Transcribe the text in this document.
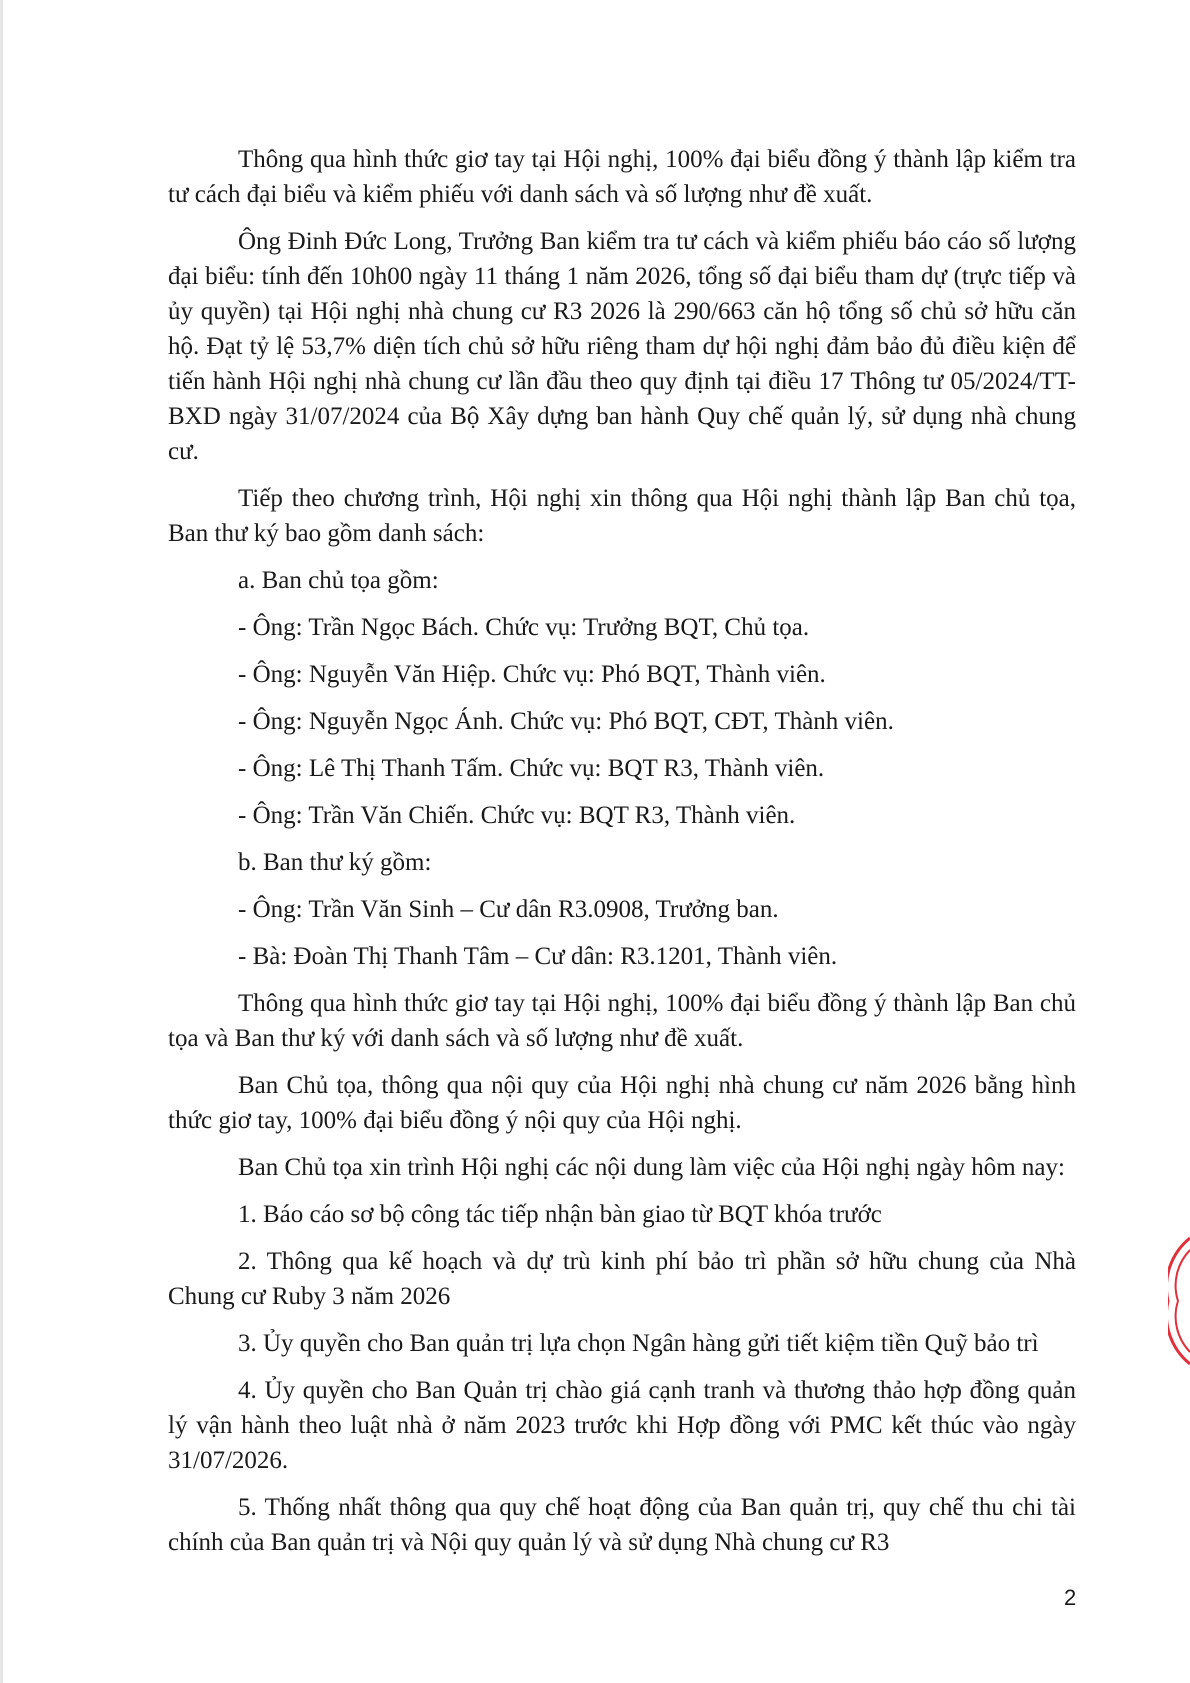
Thông qua hình thức giơ tay tại Hội nghị, 100% đại biểu đồng ý thành lập kiểm tra tư cách đại biểu và kiểm phiếu với danh sách và số lượng như đề xuất.

Ông Đinh Đức Long, Trưởng Ban kiểm tra tư cách và kiểm phiếu báo cáo số lượng đại biểu: tính đến 10h00 ngày 11 tháng 1 năm 2026, tổng số đại biểu tham dự (trực tiếp và ủy quyền) tại Hội nghị nhà chung cư R3 2026 là 290/663 căn hộ tổng số chủ sở hữu căn hộ. Đạt tỷ lệ 53,7% diện tích chủ sở hữu riêng tham dự hội nghị đảm bảo đủ điều kiện để tiến hành Hội nghị nhà chung cư lần đầu theo quy định tại điều 17 Thông tư 05/2024/TT-BXD ngày 31/07/2024 của Bộ Xây dựng ban hành Quy chế quản lý, sử dụng nhà chung cư.

Tiếp theo chương trình, Hội nghị xin thông qua Hội nghị thành lập Ban chủ tọa, Ban thư ký bao gồm danh sách:

a. Ban chủ tọa gồm:

- Ông: Trần Ngọc Bách. Chức vụ: Trưởng BQT, Chủ tọa.

- Ông: Nguyễn Văn Hiệp. Chức vụ: Phó BQT, Thành viên.

- Ông: Nguyễn Ngọc Ánh. Chức vụ: Phó BQT, CĐT, Thành viên.

- Ông: Lê Thị Thanh Tấm. Chức vụ: BQT R3, Thành viên.

- Ông: Trần Văn Chiến. Chức vụ: BQT R3, Thành viên.

b. Ban thư ký gồm:

- Ông: Trần Văn Sinh – Cư dân R3.0908, Trưởng ban.

- Bà: Đoàn Thị Thanh Tâm – Cư dân: R3.1201, Thành viên.

Thông qua hình thức giơ tay tại Hội nghị, 100% đại biểu đồng ý thành lập Ban chủ tọa và Ban thư ký với danh sách và số lượng như đề xuất.

Ban Chủ tọa, thông qua nội quy của Hội nghị nhà chung cư năm 2026 bằng hình thức giơ tay, 100% đại biểu đồng ý nội quy của Hội nghị.

Ban Chủ tọa xin trình Hội nghị các nội dung làm việc của Hội nghị ngày hôm nay:

1. Báo cáo sơ bộ công tác tiếp nhận bàn giao từ BQT khóa trước

2. Thông qua kế hoạch và dự trù kinh phí bảo trì phần sở hữu chung của Nhà Chung cư Ruby 3 năm 2026

3. Ủy quyền cho Ban quản trị lựa chọn Ngân hàng gửi tiết kiệm tiền Quỹ bảo trì

4. Ủy quyền cho Ban Quản trị chào giá cạnh tranh và thương thảo hợp đồng quản lý vận hành theo luật nhà ở năm 2023 trước khi Hợp đồng với PMC kết thúc vào ngày 31/07/2026.

5. Thống nhất thông qua quy chế hoạt động của Ban quản trị, quy chế thu chi tài chính của Ban quản trị và Nội quy quản lý và sử dụng Nhà chung cư R3

2
